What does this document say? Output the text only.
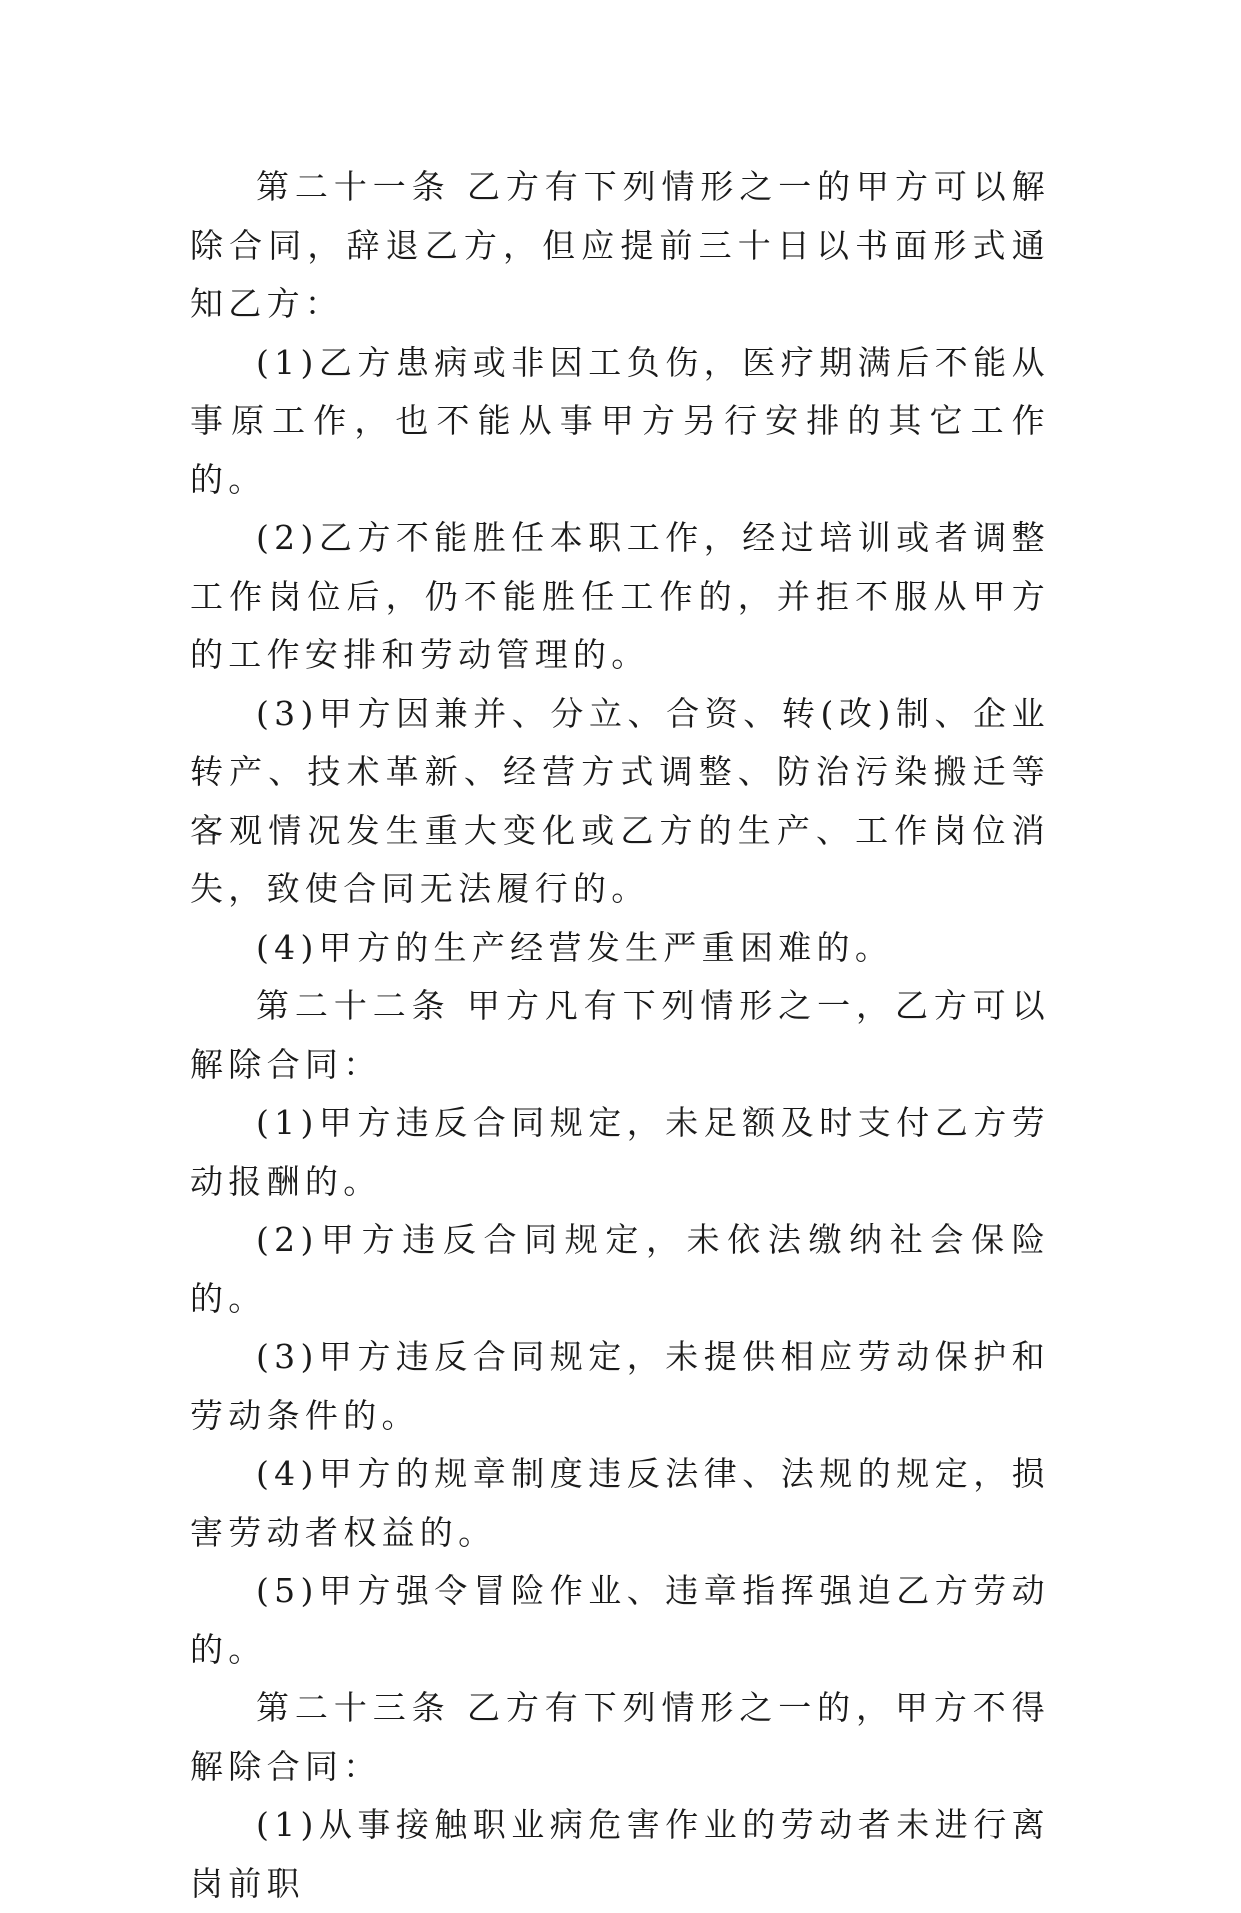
第二十一条 乙方有下列情形之一的甲方可以解除合同，辞退乙方，但应提前三十日以书面形式通知乙方：

(1)乙方患病或非因工负伤，医疗期满后不能从事原工作，也不能从事甲方另行安排的其它工作的。

(2)乙方不能胜任本职工作，经过培训或者调整工作岗位后，仍不能胜任工作的，并拒不服从甲方的工作安排和劳动管理的。

(3)甲方因兼并、分立、合资、转(改)制、企业转产、技术革新、经营方式调整、防治污染搬迁等客观情况发生重大变化或乙方的生产、工作岗位消失，致使合同无法履行的。

(4)甲方的生产经营发生严重困难的。

第二十二条 甲方凡有下列情形之一，乙方可以解除合同：

(1)甲方违反合同规定，未足额及时支付乙方劳动报酬的。

(2)甲方违反合同规定，未依法缴纳社会保险的。

(3)甲方违反合同规定，未提供相应劳动保护和劳动条件的。

(4)甲方的规章制度违反法律、法规的规定，损害劳动者权益的。

(5)甲方强令冒险作业、违章指挥强迫乙方劳动的。

第二十三条 乙方有下列情形之一的，甲方不得解除合同：

(1)从事接触职业病危害作业的劳动者未进行离岗前职
